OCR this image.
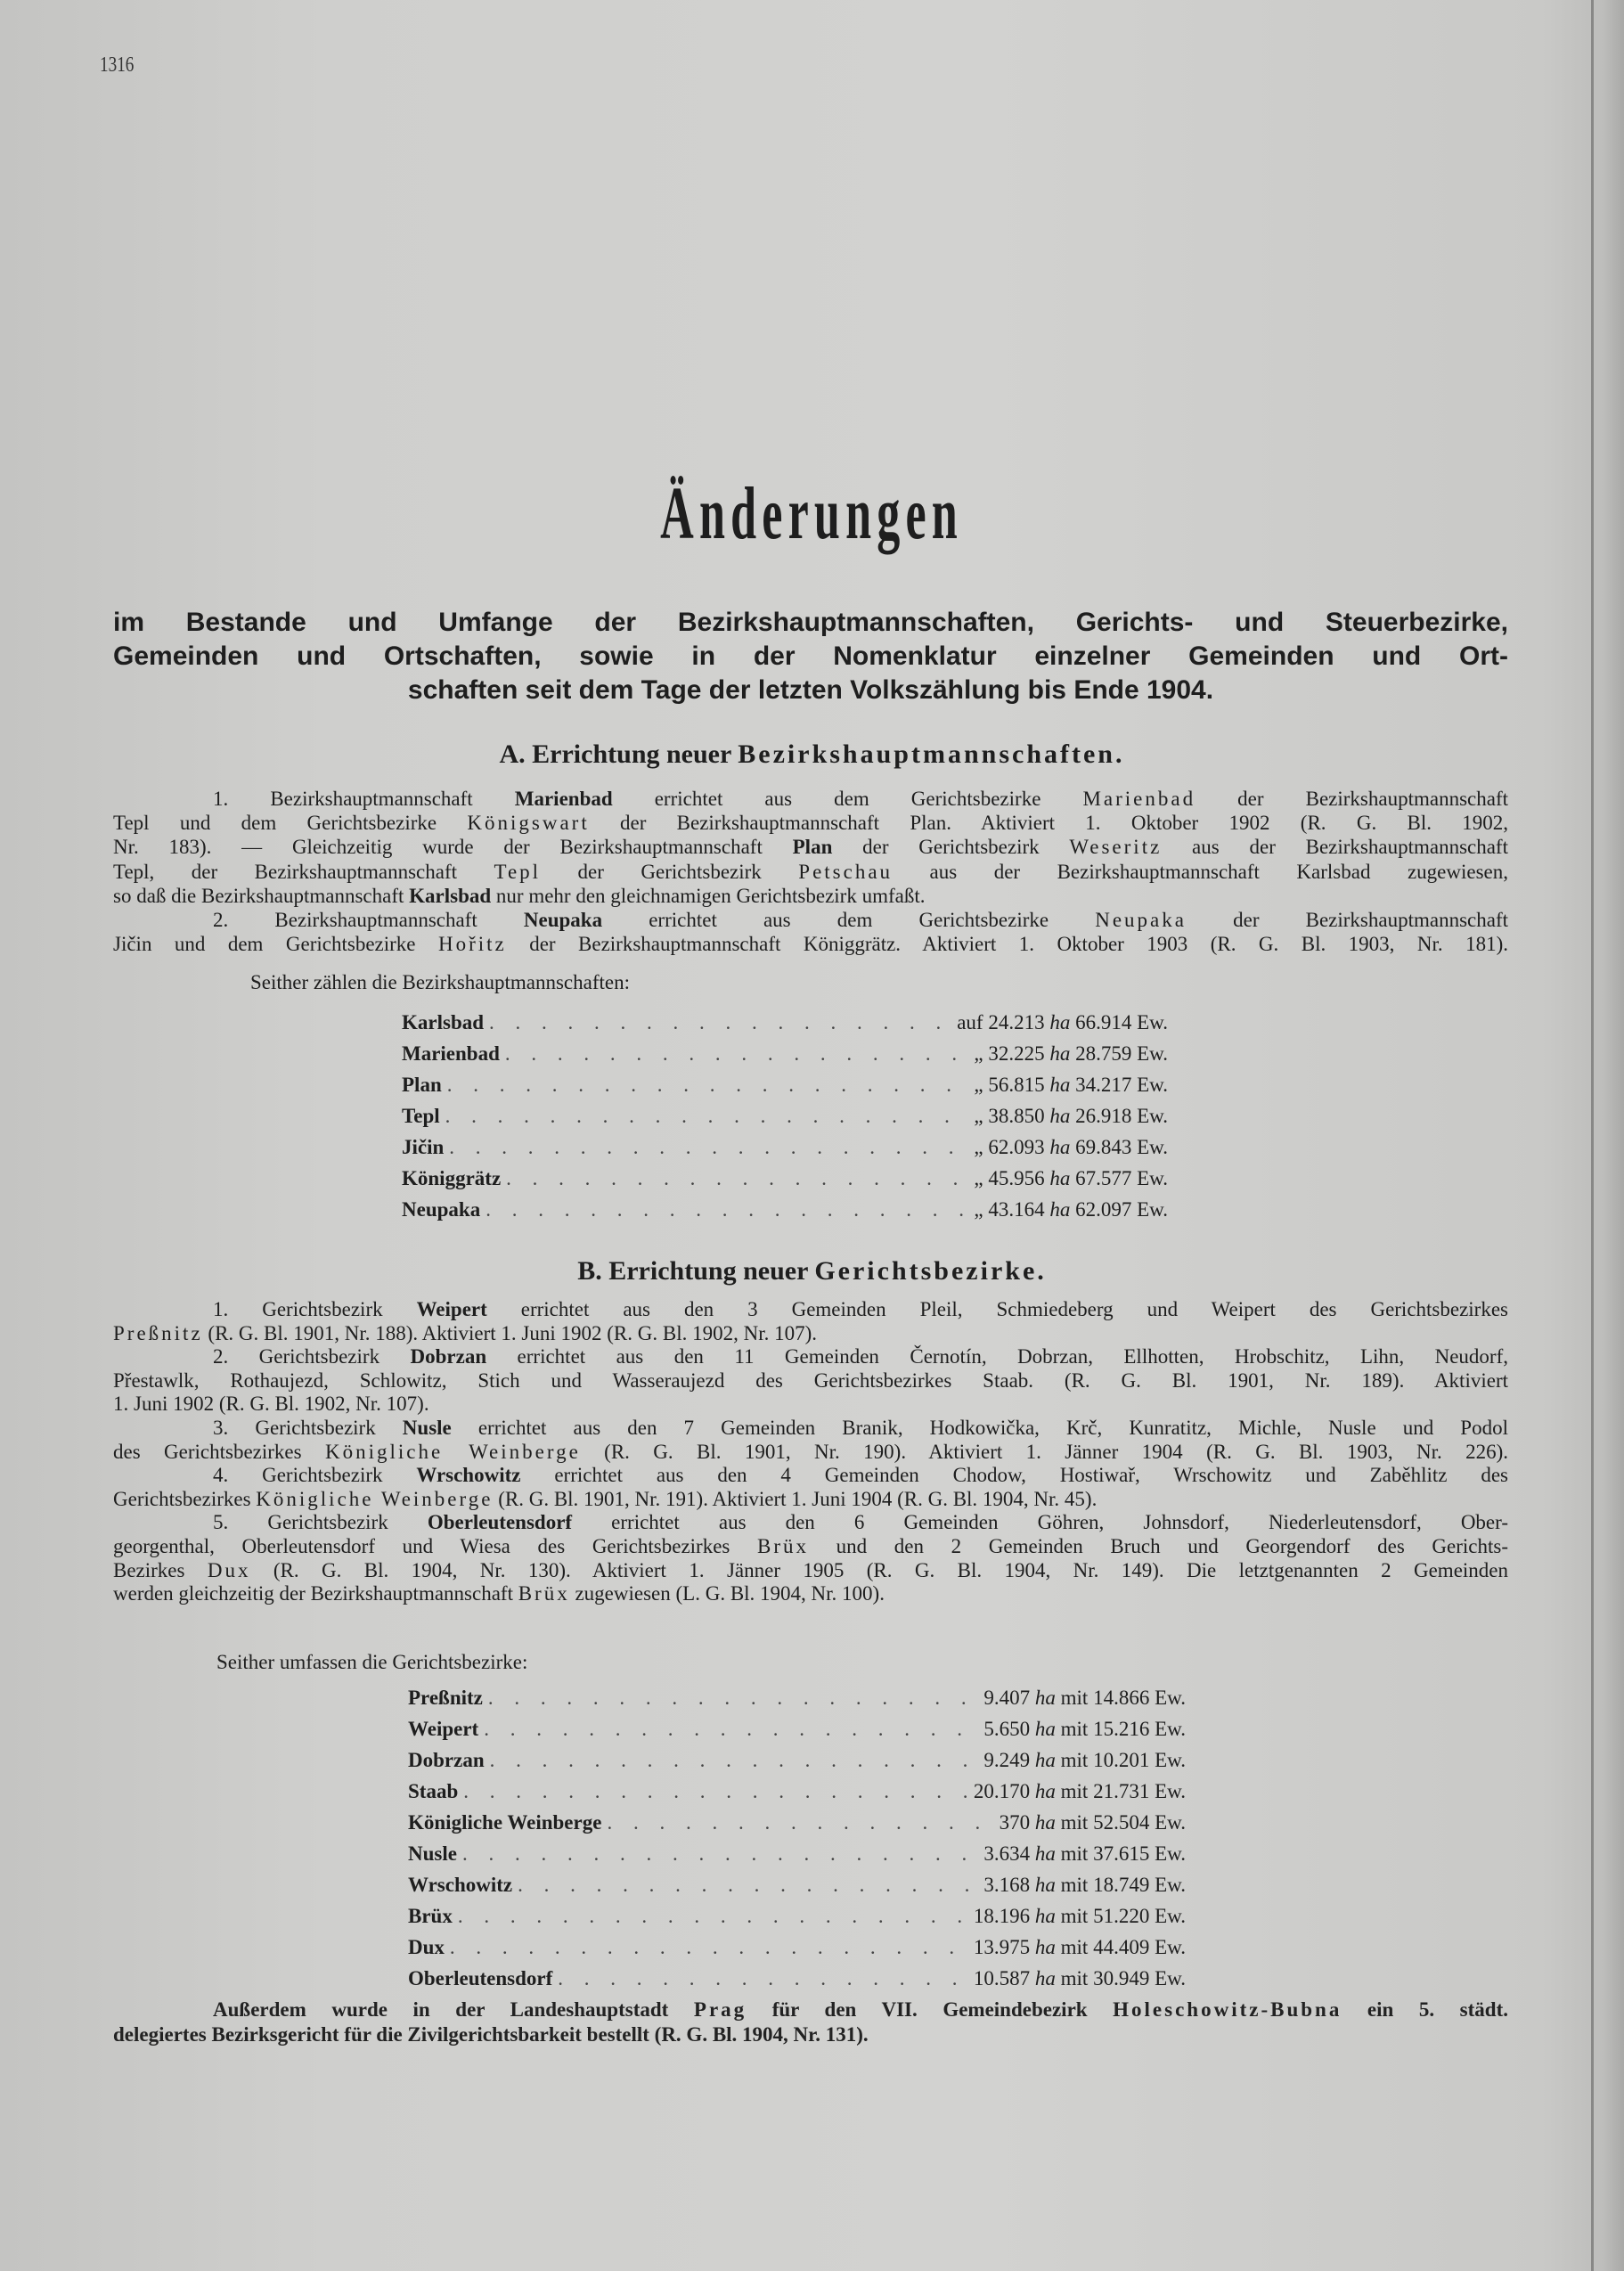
1316
Änderungen
im Bestande und Umfange der Bezirkshauptmannschaften, Gerichts- und Steuerbezirke,
Gemeinden und Ortschaften, sowie in der Nomenklatur einzelner Gemeinden und Ort-
schaften seit dem Tage der letzten Volkszählung bis Ende 1904.
A. Errichtung neuer Bezirkshauptmannschaften.
1. Bezirkshauptmannschaft Marienbad errichtet aus dem Gerichtsbezirke Marienbad der Bezirkshauptmannschaft
Tepl und dem Gerichtsbezirke Königswart der Bezirkshauptmannschaft Plan. Aktiviert 1. Oktober 1902 (R. G. Bl. 1902,
Nr. 183). — Gleichzeitig wurde der Bezirkshauptmannschaft Plan der Gerichtsbezirk Weseritz aus der Bezirkshauptmannschaft
Tepl, der Bezirkshauptmannschaft Tepl der Gerichtsbezirk Petschau aus der Bezirkshauptmannschaft Karlsbad zugewiesen,
so daß die Bezirkshauptmannschaft Karlsbad nur mehr den gleichnamigen Gerichtsbezirk umfaßt.
2. Bezirkshauptmannschaft Neupaka errichtet aus dem Gerichtsbezirke Neupaka der Bezirkshauptmannschaft
Jičin und dem Gerichtsbezirke Hořitz der Bezirkshauptmannschaft Königgrätz. Aktiviert 1. Oktober 1903 (R. G. Bl. 1903, Nr. 181).
Seither zählen die Bezirkshauptmannschaften:
Karlsbad . . .	auf 24.213 ha 66.914 Ew.
Marienbad . . .	„ 32.225 ha 28.759 Ew.
Plan . . .	„ 56.815 ha 34.217 Ew.
Tepl . . .	„ 38.850 ha 26.918 Ew.
Jičin . . .	„ 62.093 ha 69.843 Ew.
Königgrätz . . .	„ 45.956 ha 67.577 Ew.
Neupaka . . .	„ 43.164 ha 62.097 Ew.
B. Errichtung neuer Gerichtsbezirke.
1. Gerichtsbezirk Weipert errichtet aus den 3 Gemeinden Pleil, Schmiedeberg und Weipert des Gerichtsbezirkes
Preßnitz (R. G. Bl. 1901, Nr. 188). Aktiviert 1. Juni 1902 (R. G. Bl. 1902, Nr. 107).
2. Gerichtsbezirk Dobrzan errichtet aus den 11 Gemeinden Černotín, Dobrzan, Ellhotten, Hrobschitz, Lihn, Neudorf,
Přestawlk, Rothaujezd, Schlowitz, Stich und Wasseraujezd des Gerichtsbezirkes Staab. (R. G. Bl. 1901, Nr. 189). Aktiviert
1. Juni 1902 (R. G. Bl. 1902, Nr. 107).
3. Gerichtsbezirk Nusle errichtet aus den 7 Gemeinden Branik, Hodkowička, Krč, Kunratitz, Michle, Nusle und Podol
des Gerichtsbezirkes Königliche Weinberge (R. G. Bl. 1901, Nr. 190). Aktiviert 1. Jänner 1904 (R. G. Bl. 1903, Nr. 226).
4. Gerichtsbezirk Wrschowitz errichtet aus den 4 Gemeinden Chodow, Hostiwař, Wrschowitz und Zaběhlitz des
Gerichtsbezirkes Königliche Weinberge (R. G. Bl. 1901, Nr. 191). Aktiviert 1. Juni 1904 (R. G. Bl. 1904, Nr. 45).
5. Gerichtsbezirk Oberleutensdorf errichtet aus den 6 Gemeinden Göhren, Johnsdorf, Niederleutensdorf, Ober-
georgenthal, Oberleutensdorf und Wiesa des Gerichtsbezirkes Brüx und den 2 Gemeinden Bruch und Georgendorf des Gerichts-
Bezirkes Dux (R. G. Bl. 1904, Nr. 130). Aktiviert 1. Jänner 1905 (R. G. Bl. 1904, Nr. 149). Die letztgenannten 2 Gemeinden
werden gleichzeitig der Bezirkshauptmannschaft Brüx zugewiesen (L. G. Bl. 1904, Nr. 100).
Seither umfassen die Gerichtsbezirke:
Preßnitz . . .	9.407 ha mit 14.866 Ew.
Weipert . . .	5.650 ha mit 15.216 Ew.
Dobrzan . . .	9.249 ha mit 10.201 Ew.
Staab . . .	20.170 ha mit 21.731 Ew.
Königliche Weinberge . . .	370 ha mit 52.504 Ew.
Nusle . . .	3.634 ha mit 37.615 Ew.
Wrschowitz . . .	3.168 ha mit 18.749 Ew.
Brüx . . .	18.196 ha mit 51.220 Ew.
Dux . . .	13.975 ha mit 44.409 Ew.
Oberleutensdorf . . .	10.587 ha mit 30.949 Ew.
Außerdem wurde in der Landeshauptstadt Prag für den VII. Gemeindebezirk Holeschowitz-Bubna ein 5. städt.
delegiertes Bezirksgericht für die Zivilgerichtsbarkeit bestellt (R. G. Bl. 1904, Nr. 131).
